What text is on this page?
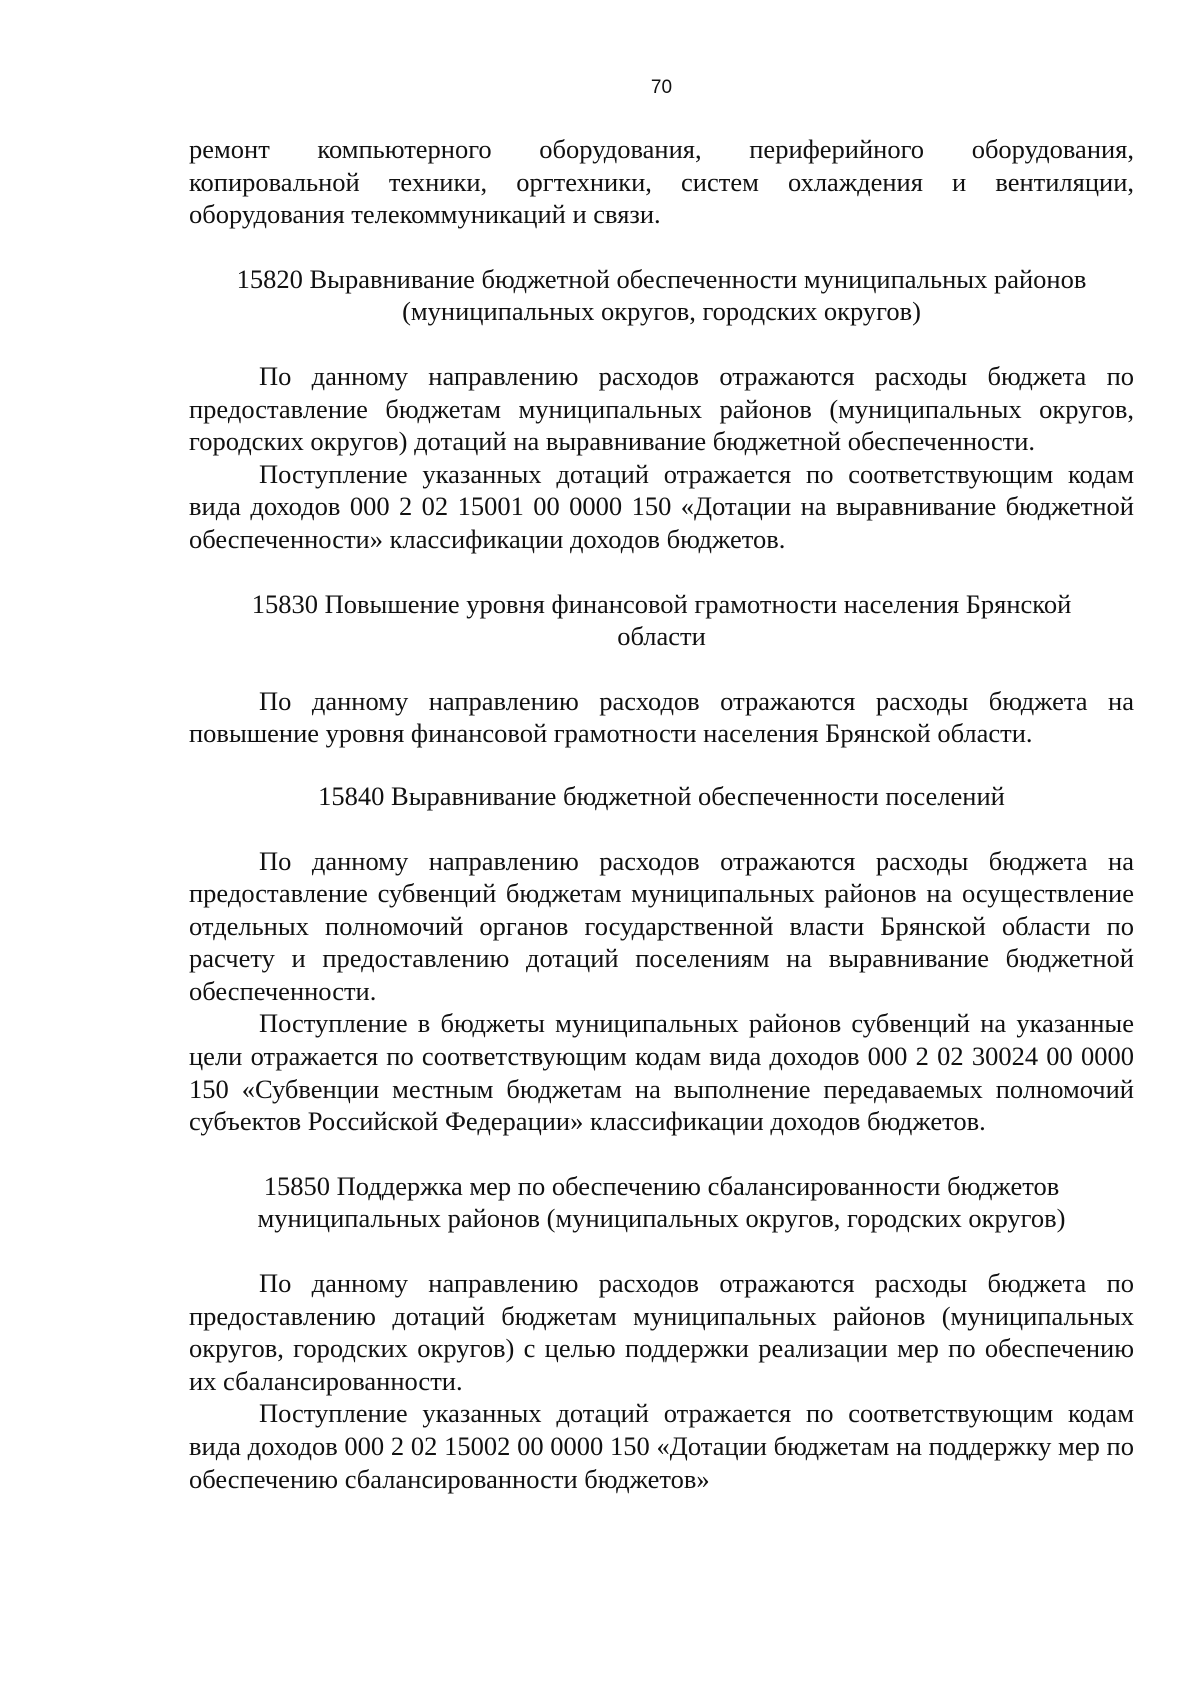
70

ремонт компьютерного оборудования, периферийного оборудования, копировальной техники, оргтехники, систем охлаждения и вентиляции, оборудования телекоммуникаций и связи.

15820 Выравнивание бюджетной обеспеченности муниципальных районов (муниципальных округов, городских округов)

По данному направлению расходов отражаются расходы бюджета по предоставление бюджетам муниципальных районов (муниципальных округов, городских округов) дотаций на выравнивание бюджетной обеспеченности.

Поступление указанных дотаций отражается по соответствующим кодам вида доходов 000 2 02 15001 00 0000 150 «Дотации на выравнивание бюджетной обеспеченности» классификации доходов бюджетов.

15830 Повышение уровня финансовой грамотности населения Брянской области

По данному направлению расходов отражаются расходы бюджета на повышение уровня финансовой грамотности населения Брянской области.

15840 Выравнивание бюджетной обеспеченности поселений

По данному направлению расходов отражаются расходы бюджета на предоставление субвенций бюджетам муниципальных районов на осуществление отдельных полномочий органов государственной власти Брянской области по расчету и предоставлению дотаций поселениям на выравнивание бюджетной обеспеченности.

Поступление в бюджеты муниципальных районов субвенций на указанные цели отражается по соответствующим кодам вида доходов 000 2 02 30024 00 0000 150 «Субвенции местным бюджетам на выполнение передаваемых полномочий субъектов Российской Федерации» классификации доходов бюджетов.

15850 Поддержка мер по обеспечению сбалансированности бюджетов муниципальных районов (муниципальных округов, городских округов)

По данному направлению расходов отражаются расходы бюджета по предоставлению дотаций бюджетам муниципальных районов (муниципальных округов, городских округов) с целью поддержки реализации мер по обеспечению их сбалансированности.

Поступление указанных дотаций отражается по соответствующим кодам вида доходов 000 2 02 15002 00 0000 150 «Дотации бюджетам на поддержку мер по обеспечению сбалансированности бюджетов»
